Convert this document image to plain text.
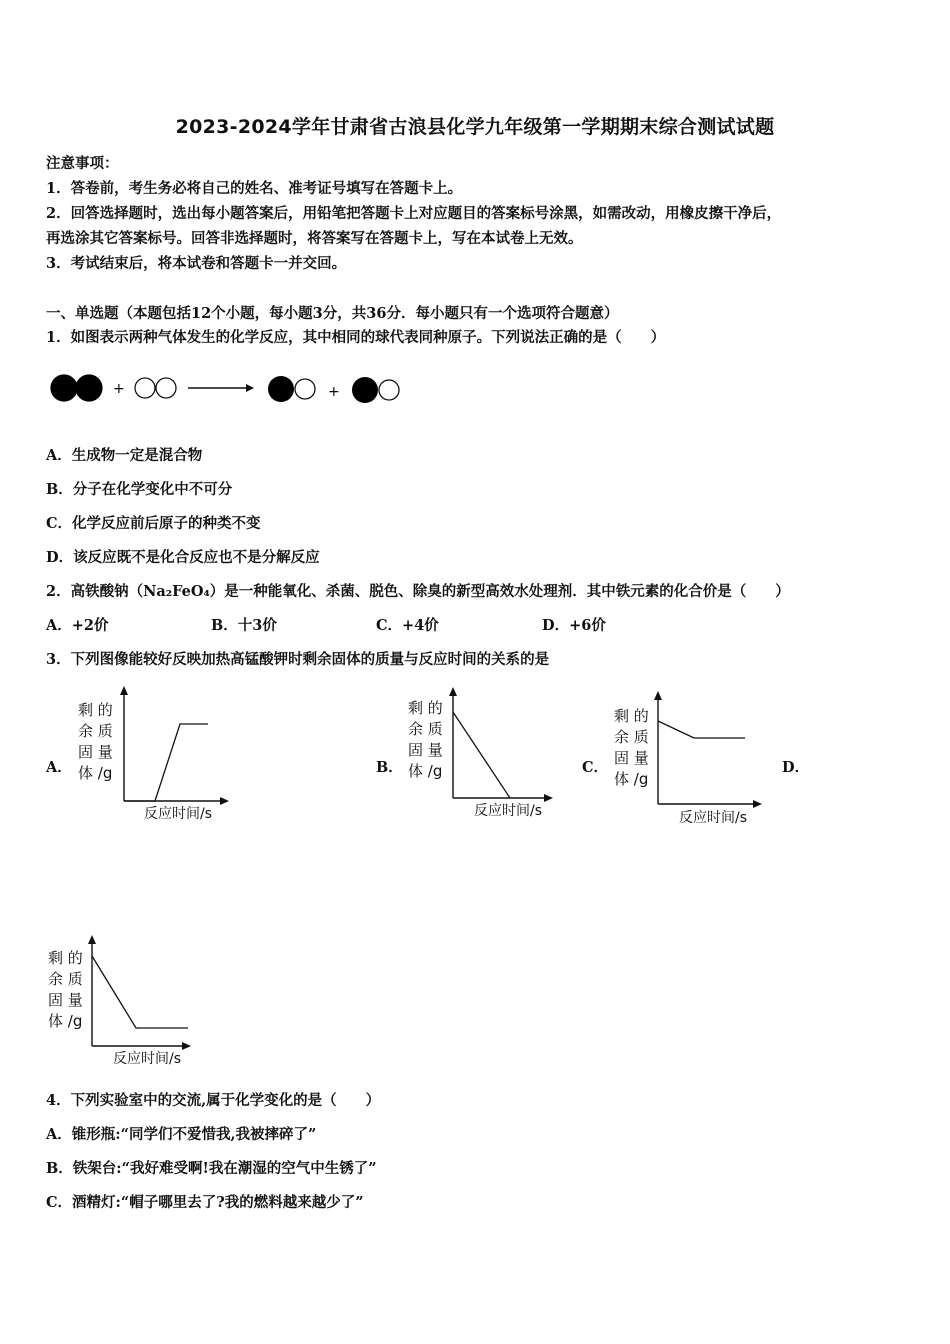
2023-2024学年甘肃省古浪县化学九年级第一学期期末综合测试试题
注意事项：
1．答卷前，考生务必将自己的姓名、准考证号填写在答题卡上。
2．回答选择题时，选出每小题答案后，用铅笔把答题卡上对应题目的答案标号涂黑，如需改动，用橡皮擦干净后，
再选涂其它答案标号。回答非选择题时，将答案写在答题卡上，写在本试卷上无效。
3．考试结束后，将本试卷和答题卡一并交回。
一、单选题（本题包括12个小题，每小题3分，共36分．每小题只有一个选项符合题意）
1．如图表示两种气体发生的化学反应，其中相同的球代表同种原子。下列说法正确的是（　　）
+	+
A．生成物一定是混合物
B．分子在化学变化中不可分
C．化学反应前后原子的种类不变
D．该反应既不是化合反应也不是分解反应
2．高铁酸钠（Na₂FeO₄）是一种能氧化、杀菌、脱色、除臭的新型高效水处理剂．其中铁元素的化合价是（　　）
A．+2价	B．十3价	C．+4价	D．+6价
3．下列图像能较好反映加热高锰酸钾时剩余固体的质量与反应时间的关系的是
A．	B．	C．	D．
剩 的
余 质
固 量
体 /g
反应时间/s
剩 的
余 质
固 量
体 /g
反应时间/s
剩 的
余 质
固 量
体 /g
反应时间/s
剩 的
余 质
固 量
体 /g
反应时间/s
4．下列实验室中的交流,属于化学变化的是（　　）
A．锥形瓶:“同学们不爱惜我,我被摔碎了”
B．铁架台:“我好难受啊!我在潮湿的空气中生锈了”
C．酒精灯:“帽子哪里去了?我的燃料越来越少了”
